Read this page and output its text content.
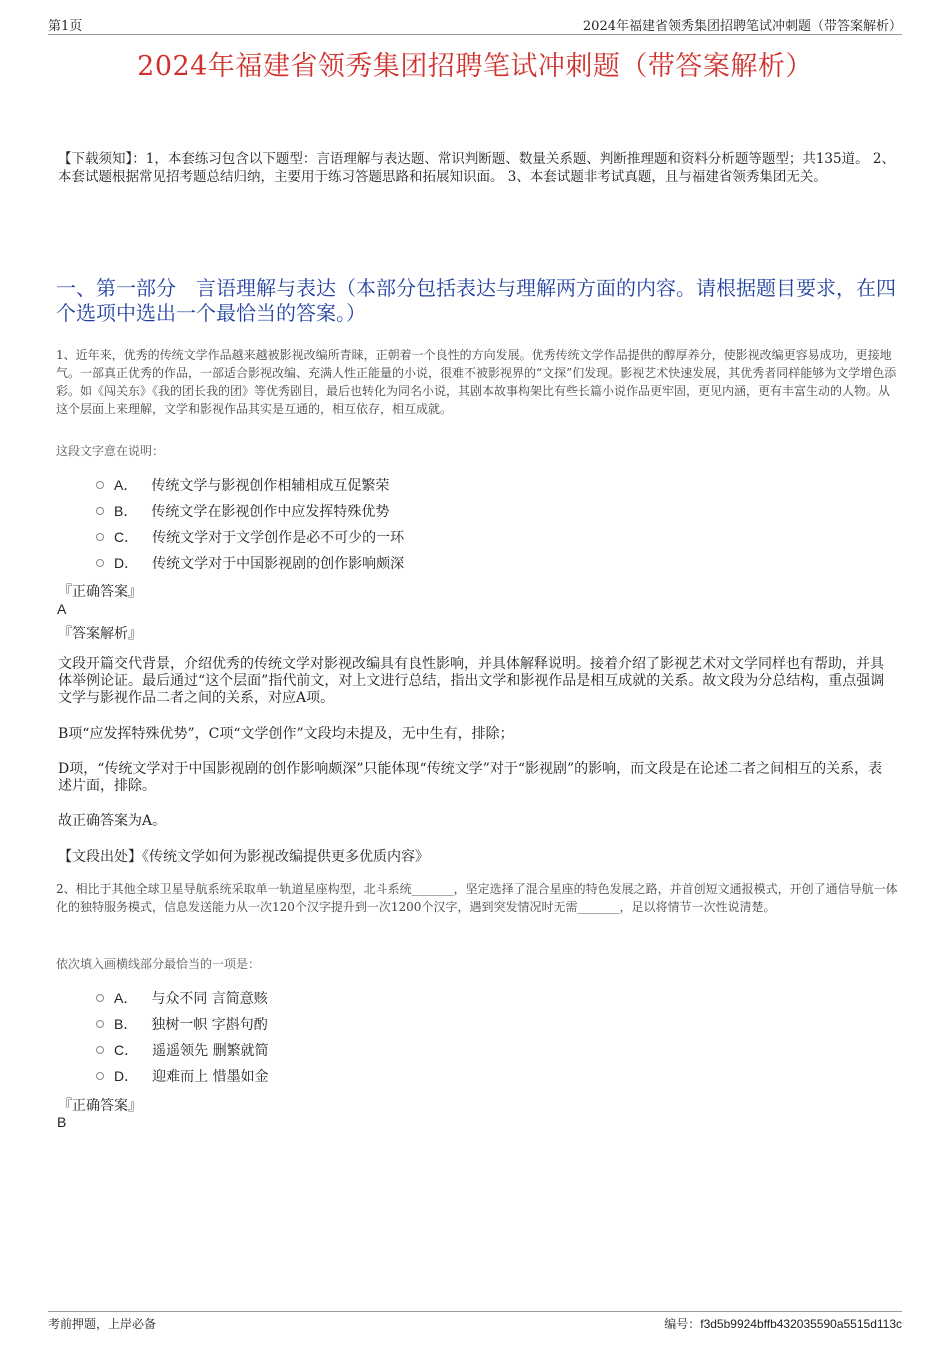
第1页	2024年福建省领秀集团招聘笔试冲刺题（带答案解析）
2024年福建省领秀集团招聘笔试冲刺题（带答案解析）
【下载须知】：1，本套练习包含以下题型：言语理解与表达题、常识判断题、数量关系题、判断推理题和资料分析题等题型；共135道。 2、本套试题根据常见招考题总结归纳，主要用于练习答题思路和拓展知识面。 3、本套试题非考试真题，且与福建省领秀集团无关。
一、第一部分　言语理解与表达（本部分包括表达与理解两方面的内容。请根据题目要求，在四个选项中选出一个最恰当的答案。）
1、近年来，优秀的传统文学作品越来越被影视改编所青睐，正朝着一个良性的方向发展。优秀传统文学作品提供的醇厚养分，使影视改编更容易成功，更接地气。一部真正优秀的作品，一部适合影视改编、充满人性正能量的小说，很难不被影视界的“文探”们发现。影视艺术快速发展，其优秀者同样能够为文学增色添彩。如《闯关东》《我的团长我的团》等优秀剧目，最后也转化为同名小说，其剧本故事构架比有些长篇小说作品更牢固，更见内涵，更有丰富生动的人物。从这个层面上来理解，文学和影视作品其实是互通的，相互依存，相互成就。
这段文字意在说明：
A． 传统文学与影视创作相辅相成互促繁荣
B． 传统文学在影视创作中应发挥特殊优势
C． 传统文学对于文学创作是必不可少的一环
D． 传统文学对于中国影视剧的创作影响颇深
『正确答案』
A
『答案解析』
文段开篇交代背景，介绍优秀的传统文学对影视改编具有良性影响，并具体解释说明。接着介绍了影视艺术对文学同样也有帮助，并具体举例论证。最后通过“这个层面”指代前文，对上文进行总结，指出文学和影视作品是相互成就的关系。故文段为分总结构，重点强调文学与影视作品二者之间的关系，对应A项。
B项“应发挥特殊优势”，C项“文学创作”文段均未提及，无中生有，排除；
D项，“传统文学对于中国影视剧的创作影响颇深”只能体现“传统文学”对于“影视剧”的影响，而文段是在论述二者之间相互的关系，表述片面，排除。
故正确答案为A。
【文段出处】《传统文学如何为影视改编提供更多优质内容》
2、相比于其他全球卫星导航系统采取单一轨道星座构型，北斗系统_______，坚定选择了混合星座的特色发展之路，并首创短文通报模式，开创了通信导航一体化的独特服务模式，信息发送能力从一次120个汉字提升到一次1200个汉字，遇到突发情况时无需_______，足以将情节一次性说清楚。
依次填入画横线部分最恰当的一项是：
A． 与众不同 言简意赅
B． 独树一帜 字斟句酌
C． 遥遥领先 删繁就简
D． 迎难而上 惜墨如金
『正确答案』
B
考前押题，上岸必备	编号：f3d5b9924bffb432035590a5515d113c
